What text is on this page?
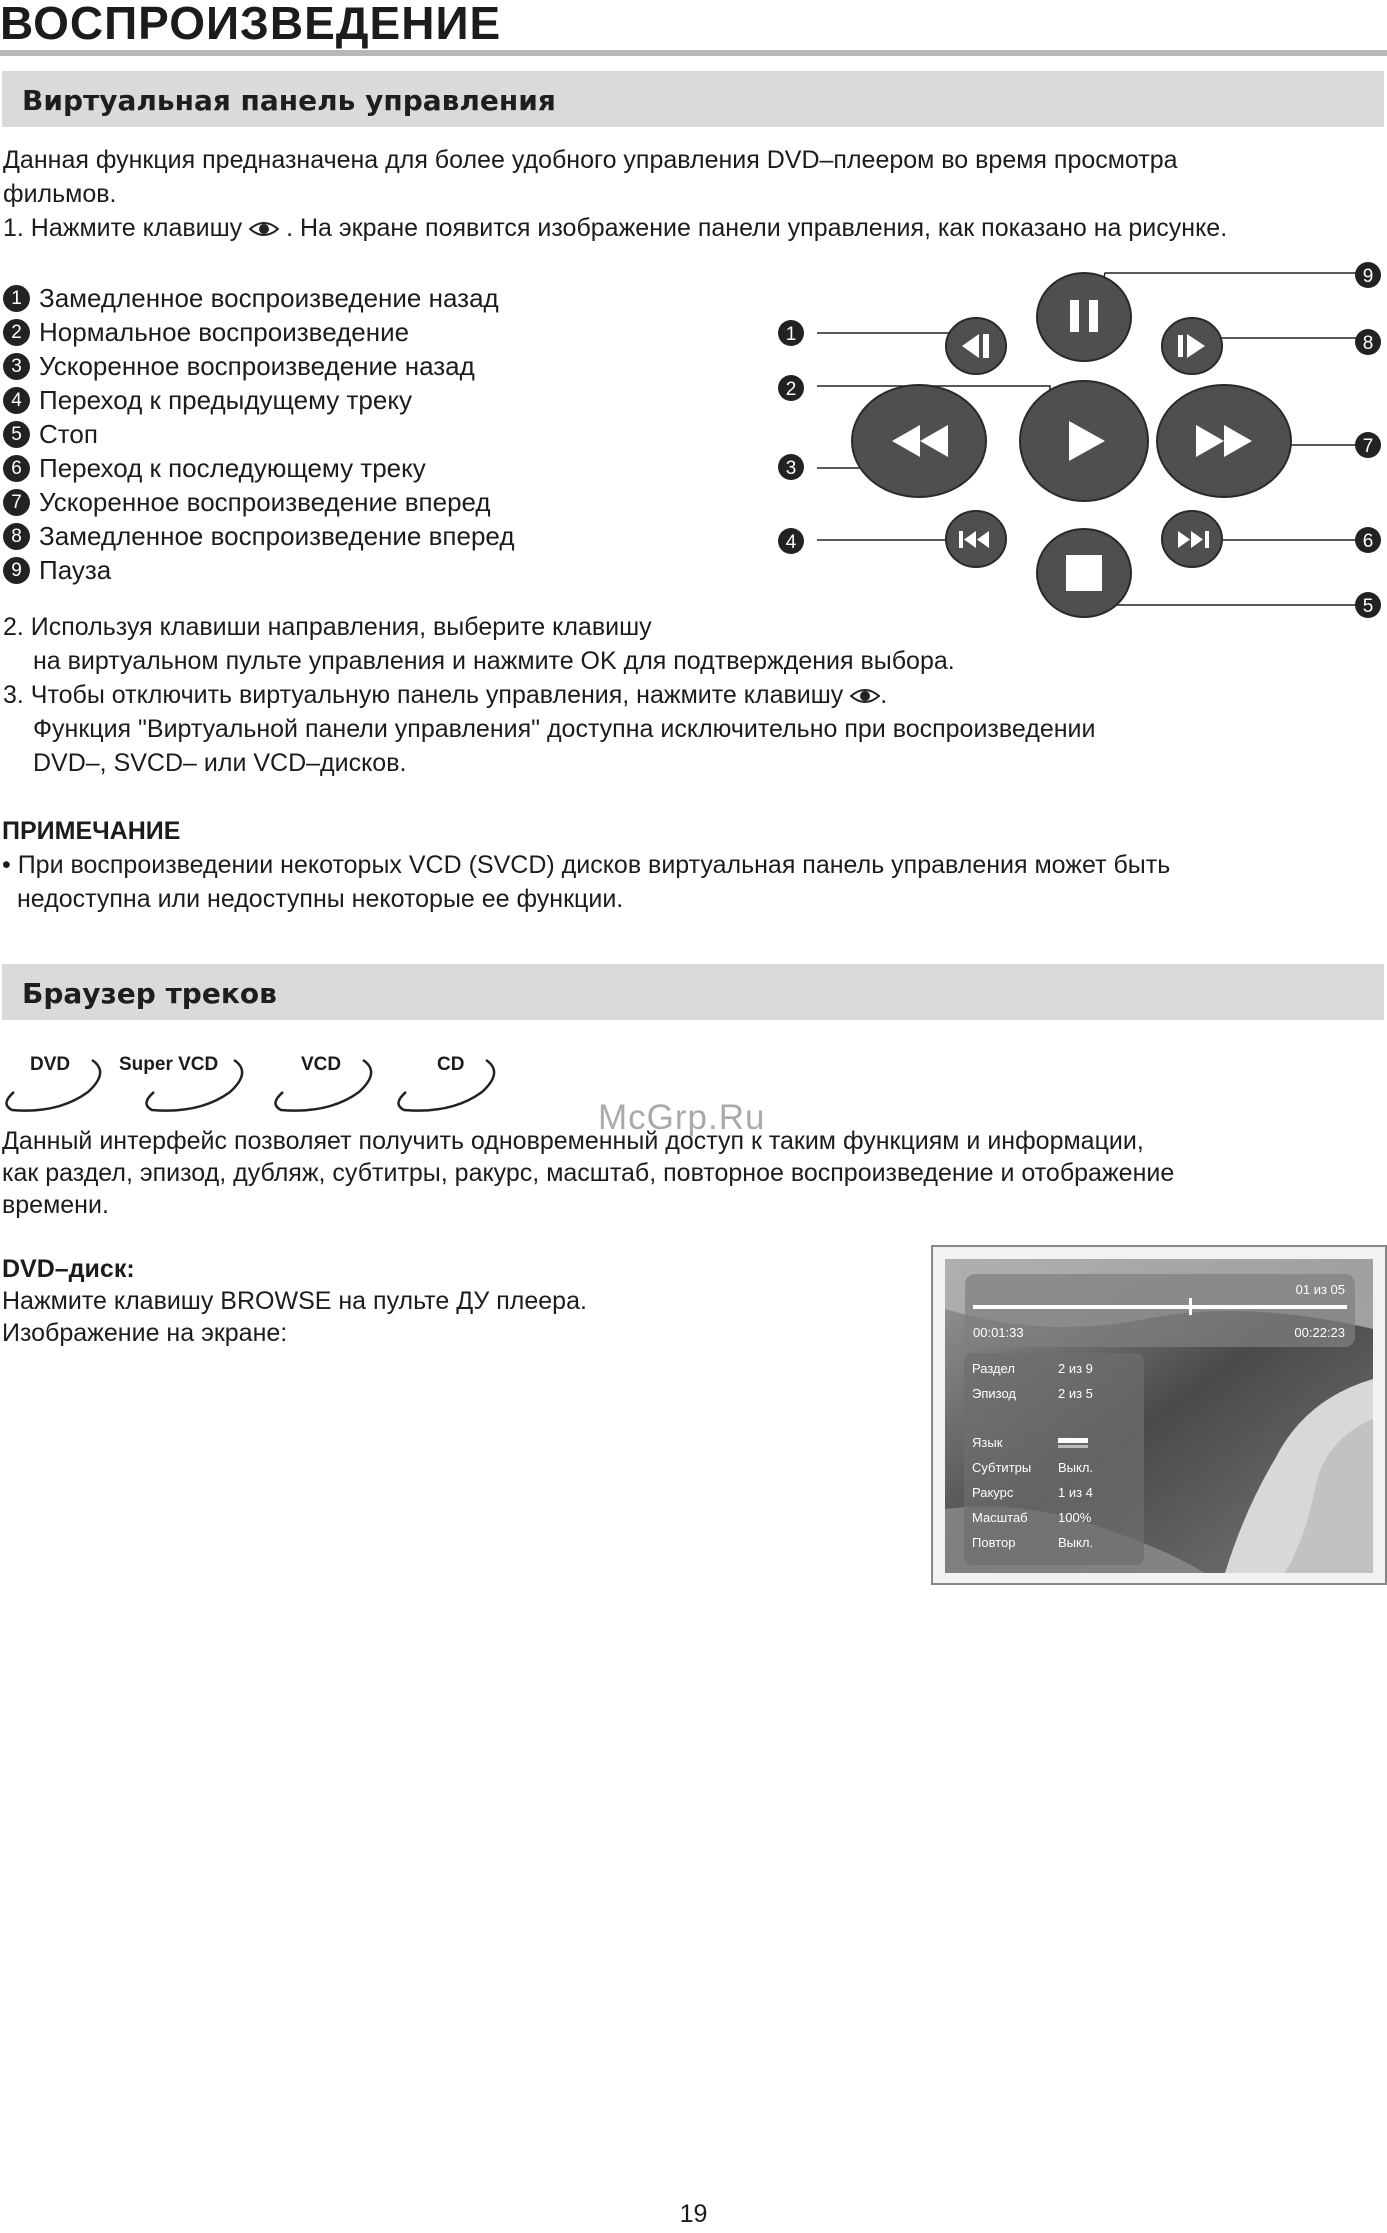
ВОСПРОИЗВЕДЕНИЕ
Виртуальная панель управления
Данная функция предназначена для более удобного управления DVD–плеером во время просмотра
фильмов.
1. Нажмите клавишу . На экране появится изображение панели управления, как показано на рисунке.
1 Замедленное воспроизведение назад
2 Нормальное воспроизведение
3 Ускоренное воспроизведение назад
4 Переход к предыдущему треку
5 Стоп
6 Переход к последующему треку
7 Ускоренное воспроизведение вперед
8 Замедленное воспроизведение вперед
9 Пауза
1
2
3
4
5
6
7
8
9
2. Используя клавиши направления, выберите клавишу
на виртуальном пульте управления и нажмите OK для подтверждения выбора.
3. Чтобы отключить виртуальную панель управления, нажмите клавишу .
Функция "Виртуальной панели управления" доступна исключительно при воспроизведении
DVD–, SVCD– или VCD–дисков.
ПРИМЕЧАНИЕ
• При воспроизведении некоторых VCD (SVCD) дисков виртуальная панель управления может быть
недоступна или недоступны некоторые ее функции.
Браузер треков
DVD	Super VCD	VCD	CD
McGrp.Ru
Данный интерфейс позволяет получить одновременный доступ к таким функциям и информации,
как раздел, эпизод, дубляж, субтитры, ракурс, масштаб, повторное воспроизведение и отображение
времени.
DVD–диск:
Нажмите клавишу BROWSE на пульте ДУ плеера.
Изображение на экране:
01 из 05
00:01:33	00:22:23
Раздел	2 из 9
Эпизод	2 из 5
Язык
Субтитры Выкл.
Ракурс	1 из 4
Масштаб 100%
Повтор	Выкл.
19
